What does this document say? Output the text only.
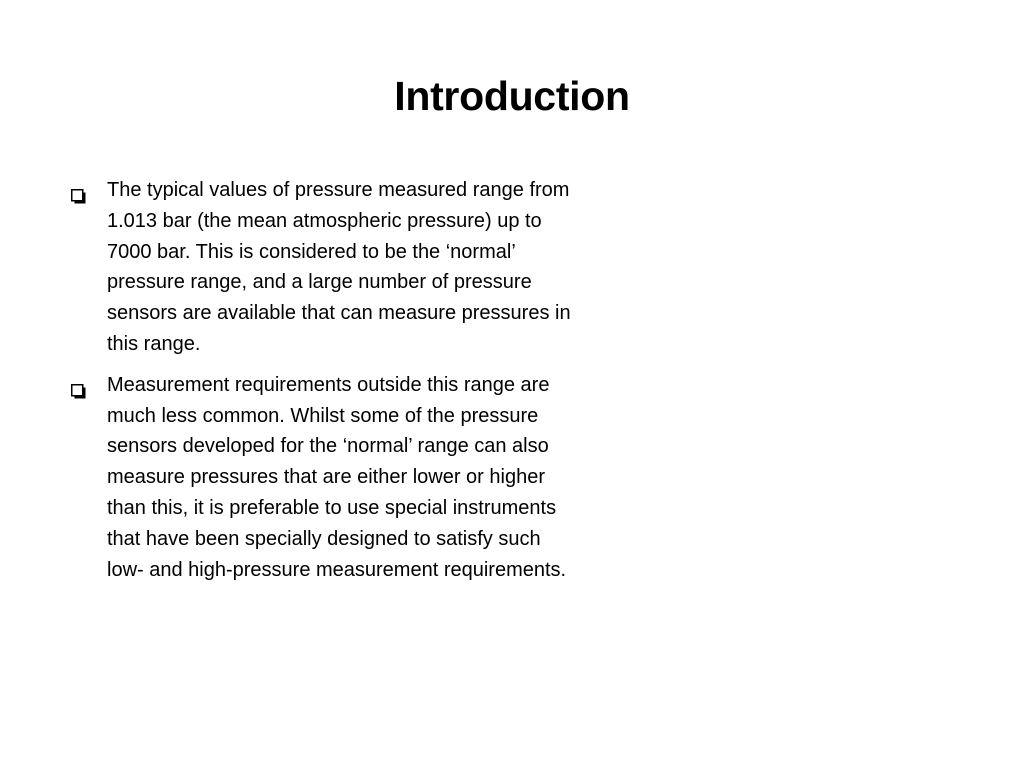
Introduction
The typical values of pressure measured range from 1.013 bar (the mean atmospheric pressure) up to 7000 bar. This is considered to be the ‘normal’ pressure range, and a large number of pressure sensors are available that can measure pressures in this range.
Measurement requirements outside this range are much less common. Whilst some of the pressure sensors developed for the ‘normal’ range can also measure pressures that are either lower or higher than this, it is preferable to use special instruments that have been specially designed to satisfy such low- and high-pressure measurement requirements.
